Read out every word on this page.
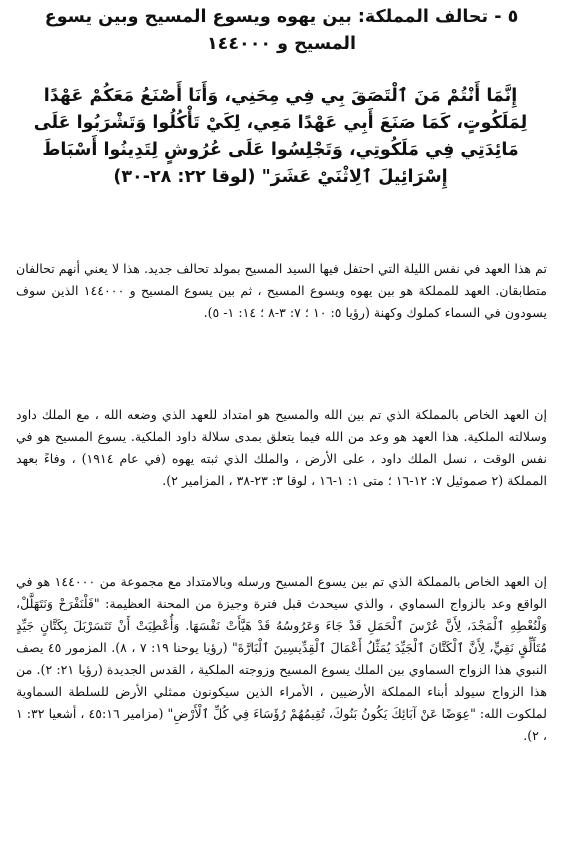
٥ - تحالف المملكة: بين يهوه ويسوع المسيح وبين يسوع المسيح و ١٤٤٠٠٠

إِنَّمَا أَنْتُمْ مَنَ ٱلْتَصَقَ بِي فِي مِحَنِي، وَأَنَا أَصْنَعُ مَعَكُمْ عَهْدًا لِمَلَكُوتٍ، كَمَا صَنَعَ أَبِي عَهْدًا مَعِي، لِكَيْ تَأْكُلُوا وَتَشْرَبُوا عَلَى مَائِدَتِي فِي مَلَكُوتِي، وَتَجْلِسُوا عَلَى عُرُوشٍ لِتَدِينُوا أَسْبَاطَ إِسْرَائِيلَ ٱلِاثْنَيْ عَشَرَ" (لوقا ٢٢: ٢٨-٣٠)

تم هذا العهد في نفس الليلة التي احتفل فيها السيد المسيح بمولد تحالف جديد. هذا لا يعني أنهم تحالفان متطابقان. العهد للمملكة هو بين يهوه ويسوع المسيح ، ثم بين يسوع المسيح و ١٤٤٠٠٠ الذين سوف يسودون في السماء كملوك وكهنة (رؤيا ٥: ١٠ ؛ ٧: ٣-٨ ؛ ١٤: ١- ٥).

إن العهد الخاص بالمملكة الذي تم بين الله والمسيح هو امتداد للعهد الذي وضعه الله ، مع الملك داود وسلالته الملكية. هذا العهد هو وعد من الله فيما يتعلق بمدى سلالة داود الملكية. يسوع المسيح هو في نفس الوقت ، نسل الملك داود ، على الأرض ، والملك الذي ثبته يهوه (في عام ١٩١٤) ، وفاءً بعهد المملكة (٢ صموئيل ٧: ١٢-١٦ ؛ متى ١: ١-١٦ ، لوقا ٣: ٢٣-٣٨ ، المزامير ٢).

إن العهد الخاص بالمملكة الذي تم بين يسوع المسيح ورسله وبالامتداد مع مجموعة من ١٤٤٠٠٠ هو في الواقع وعد بالزواج السماوي ، والذي سيحدث قبل فترة وجيزة من المحنة العظيمة: "فَلْنَفْرَحْ وَنَتَهَلَّلْ، وَلْنُعْطِهِ ٱلْمَجْدَ، لِأَنَّ عُرْسَ ٱلْحَمَلِ قَدْ جَاءَ وَعَرُوسُهُ قَدْ هَيَّأَتْ نَفْسَهَا. وَأُعْطِيَتْ أَنْ تَتَسَرْبَلَ بِكَتَّانٍ جَيِّدٍ مُتَأَلِّقٍ نَقِيٍّ، لِأَنَّ ٱلْكَتَّانَ ٱلْجَيِّدَ يُمَثِّلُ أَعْمَالَ ٱلْقِدِّيسِينَ ٱلْبَارَّةَ" (رؤيا يوحنا ١٩: ٧ ، ٨). المزمور ٤٥ يصف النبوي هذا الزواج السماوي بين الملك يسوع المسيح وزوجته الملكية ، القدس الجديدة (رؤيا ٢١: ٢). من هذا الزواج سيولد أبناء المملكة الأرضيين ، الأمراء الذين سيكونون ممثلي الأرض للسلطة السماوية لملكوت الله: "عِوَضًا عَنْ آبَائِكَ يَكُونُ بَنُوكَ، تُقِيمُهُمْ رُؤَسَاءَ فِي كُلِّ ٱلْأَرْضِ" (مزامير ٤٥:١٦ ، أشعيا ٣٢: ١ ، ٢).
